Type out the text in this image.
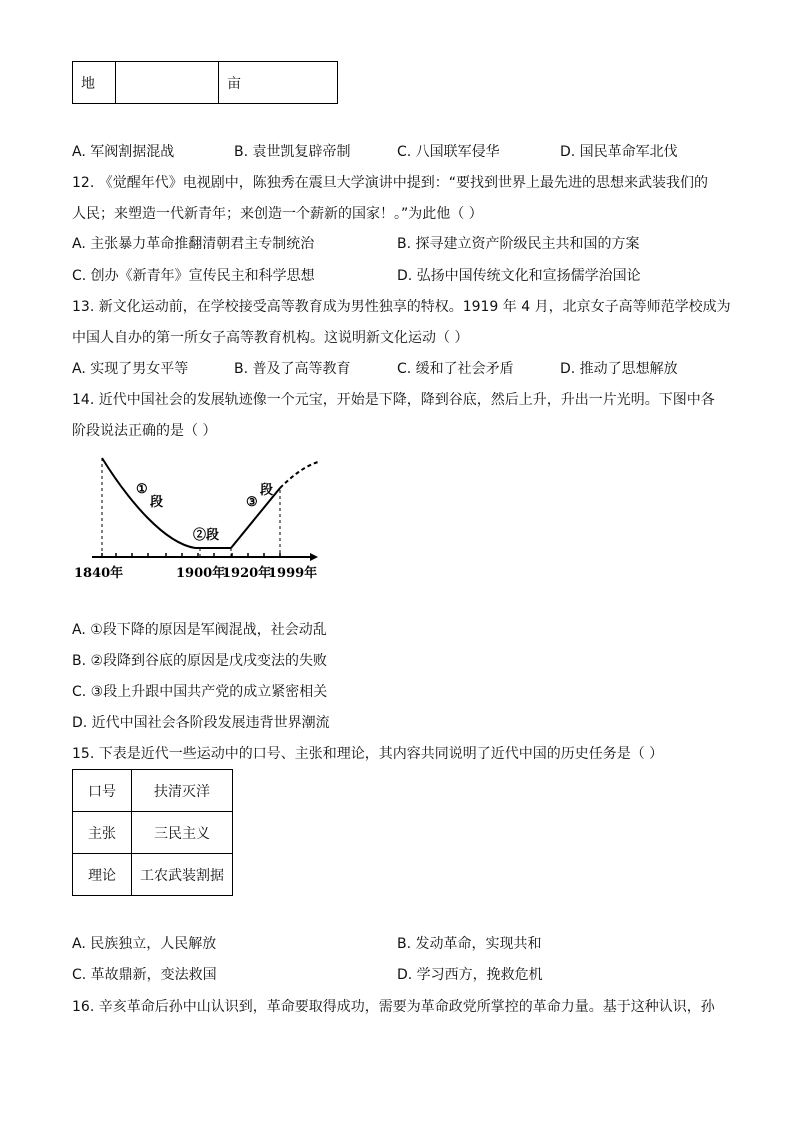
地		亩
A. 军阀割据混战	B. 袁世凯复辟帝制	C. 八国联军侵华	D. 国民革命军北伐
12. 《觉醒年代》电视剧中，陈独秀在震旦大学演讲中提到：“要找到世界上最先进的思想来武装我们的
人民；来塑造一代新青年；来创造一个薪新的国家！。”为此他（ ）
A. 主张暴力革命推翻清朝君主专制统治	B. 探寻建立资产阶级民主共和国的方案
C. 创办《新青年》宣传民主和科学思想	D. 弘扬中国传统文化和宣扬儒学治国论
13. 新文化运动前，在学校接受高等教育成为男性独享的特权。1919 年 4 月，北京女子高等师范学校成为
中国人自办的第一所女子高等教育机构。这说明新文化运动（ ）
A. 实现了男女平等	B. 普及了高等教育	C. 缓和了社会矛盾	D. 推动了思想解放
14. 近代中国社会的发展轨迹像一个元宝，开始是下降，降到谷底，然后上升，升出一片光明。下图中各
阶段说法正确的是（ ）
①
段
②段
③
段
1840年	1900年
1920年
1999年
A. ①段下降的原因是军阀混战，社会动乱
B. ②段降到谷底的原因是戊戌变法的失败
C. ③段上升跟中国共产党的成立紧密相关
D. 近代中国社会各阶段发展违背世界潮流
15. 下表是近代一些运动中的口号、主张和理论，其内容共同说明了近代中国的历史任务是（ ）
口号	扶清灭洋
主张	三民主义
理论	工农武装割据
A. 民族独立，人民解放	B. 发动革命，实现共和
C. 革故鼎新，变法救国	D. 学习西方，挽救危机
16. 辛亥革命后孙中山认识到，革命要取得成功，需要为革命政党所掌控的革命力量。基于这种认识，孙
